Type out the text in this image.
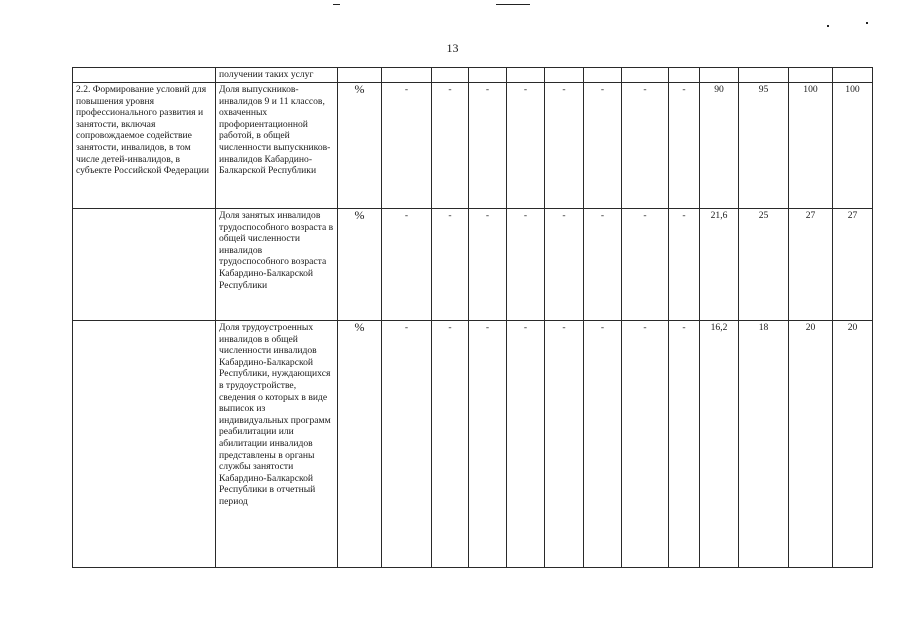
13
	получении таких услуг													
2.2. Формирование условий для повышения уровня профессионального развития и занятости, включая сопровождаемое содействие занятости, инвалидов, в том числе детей-инвалидов, в субъекте Российской Федерации	Доля выпускников-инвалидов 9 и 11 классов, охваченных профориентационной работой, в общей численности выпускников-инвалидов Кабардино-Балкарской Республики	%	-	-	-	-	-	-	-	-	90	95	100	100
	Доля занятых инвалидов трудоспособного возраста в общей численности инвалидов трудоспособного возраста Кабардино-Балкарской Республики	%	-	-	-	-	-	-	-	-	21,6	25	27	27
	Доля трудоустроенных инвалидов в общей численности инвалидов Кабардино-Балкарской Республики, нуждающихся в трудоустройстве, сведения о которых в виде выписок из индивидуальных программ реабилитации или абилитации инвалидов представлены в органы службы занятости Кабардино-Балкарской Республики в отчетный период	%	-	-	-	-	-	-	-	-	16,2	18	20	20
